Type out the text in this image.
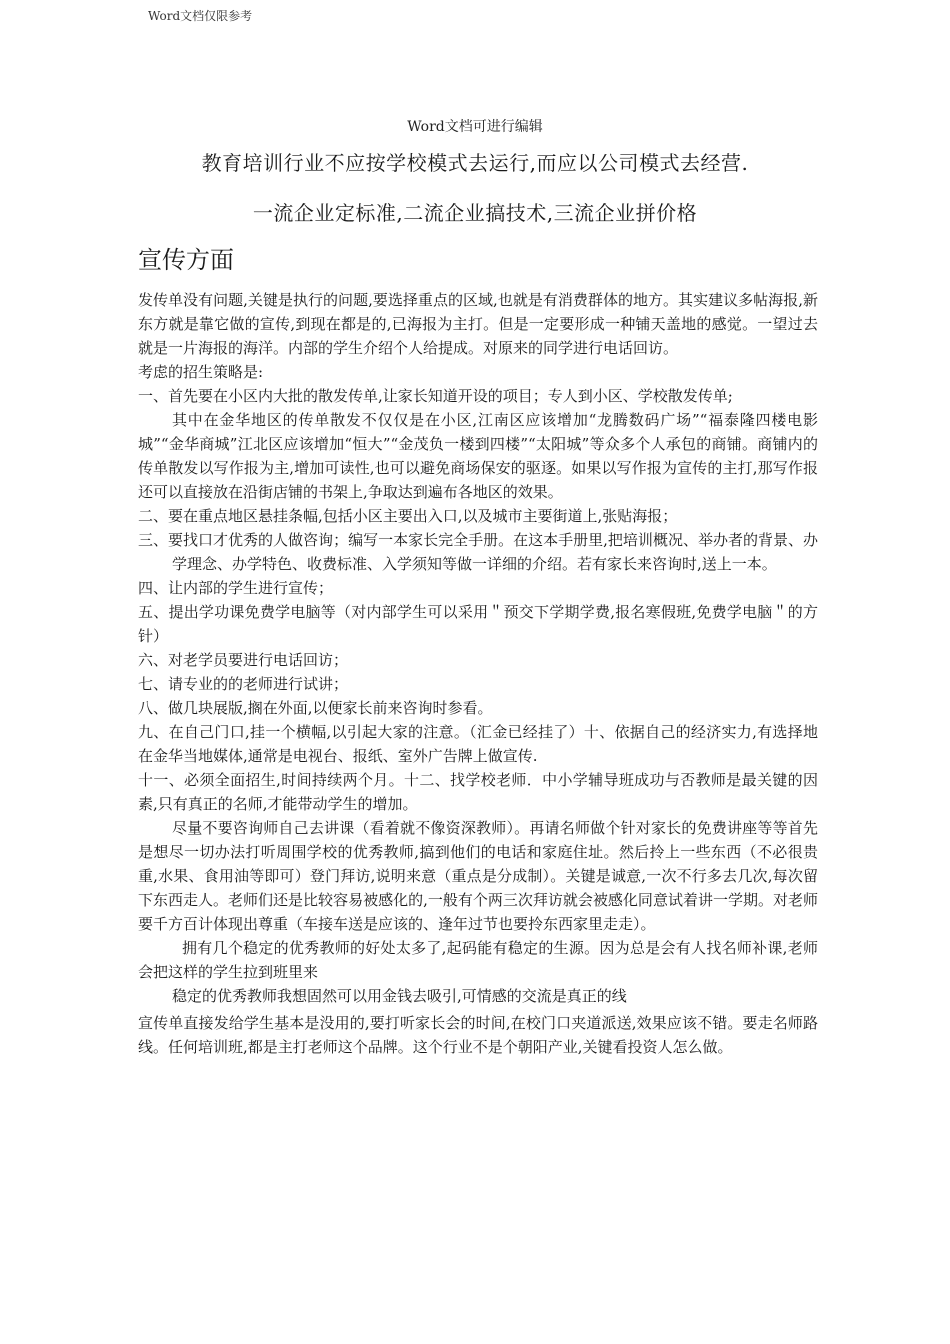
Word文档仅限参考
Word文档可进行编辑
教育培训行业不应按学校模式去运行,而应以公司模式去经营.
一流企业定标准,二流企业搞技术,三流企业拼价格
宣传方面

发传单没有问题,关键是执行的问题,要选择重点的区域,也就是有消费群体的地方。其实建议多帖海报,新东方就是靠它做的宣传,到现在都是的,已海报为主打。但是一定要形成一种铺天盖地的感觉。一望过去就是一片海报的海洋。内部的学生介绍个人给提成。对原来的同学进行电话回访。

考虑的招生策略是:

一、首先要在小区内大批的散发传单,让家长知道开设的项目；专人到小区、学校散发传单;

其中在金华地区的传单散发不仅仅是在小区,江南区应该增加“龙腾数码广场”“福泰隆四楼电影城”“金华商城”江北区应该增加“恒大”“金茂负一楼到四楼”“太阳城”等众多个人承包的商铺。商铺内的传单散发以写作报为主,增加可读性,也可以避免商场保安的驱逐。如果以写作报为宣传的主打,那写作报还可以直接放在沿街店铺的书架上,争取达到遍布各地区的效果。

二、要在重点地区悬挂条幅,包括小区主要出入口,以及城市主要街道上,张贴海报；

三、要找口才优秀的人做咨询；编写一本家长完全手册。在这本手册里,把培训概况、举办者的背景、办学理念、办学特色、收费标准、入学须知等做一详细的介绍。若有家长来咨询时,送上一本。

四、让内部的学生进行宣传；

五、提出学功课免费学电脑等（对内部学生可以采用＂预交下学期学费,报名寒假班,免费学电脑＂的方针）

六、对老学员要进行电话回访；

七、请专业的的老师进行试讲；

八、做几块展版,搁在外面,以便家长前来咨询时参看。

九、在自己门口,挂一个横幅,以引起大家的注意。（汇金已经挂了）十、依据自己的经济实力,有选择地在金华当地媒体,通常是电视台、报纸、室外广告牌上做宣传.

十一、必须全面招生,时间持续两个月。十二、找学校老师．中小学辅导班成功与否教师是最关键的因素,只有真正的名师,才能带动学生的增加。

尽量不要咨询师自己去讲课（看着就不像资深教师）。再请名师做个针对家长的免费讲座等等首先是想尽一切办法打听周围学校的优秀教师,搞到他们的电话和家庭住址。然后拎上一些东西（不必很贵重,水果、食用油等即可）登门拜访,说明来意（重点是分成制）。关键是诚意,一次不行多去几次,每次留下东西走人。老师们还是比较容易被感化的,一般有个两三次拜访就会被感化同意试着讲一学期。对老师要千方百计体现出尊重（车接车送是应该的、逢年过节也要拎东西家里走走）。

拥有几个稳定的优秀教师的好处太多了,起码能有稳定的生源。因为总是会有人找名师补课,老师会把这样的学生拉到班里来

稳定的优秀教师我想固然可以用金钱去吸引,可情感的交流是真正的线

宣传单直接发给学生基本是没用的,要打听家长会的时间,在校门口夹道派送,效果应该不错。要走名师路线。任何培训班,都是主打老师这个品牌。这个行业不是个朝阳产业,关键看投资人怎么做。
